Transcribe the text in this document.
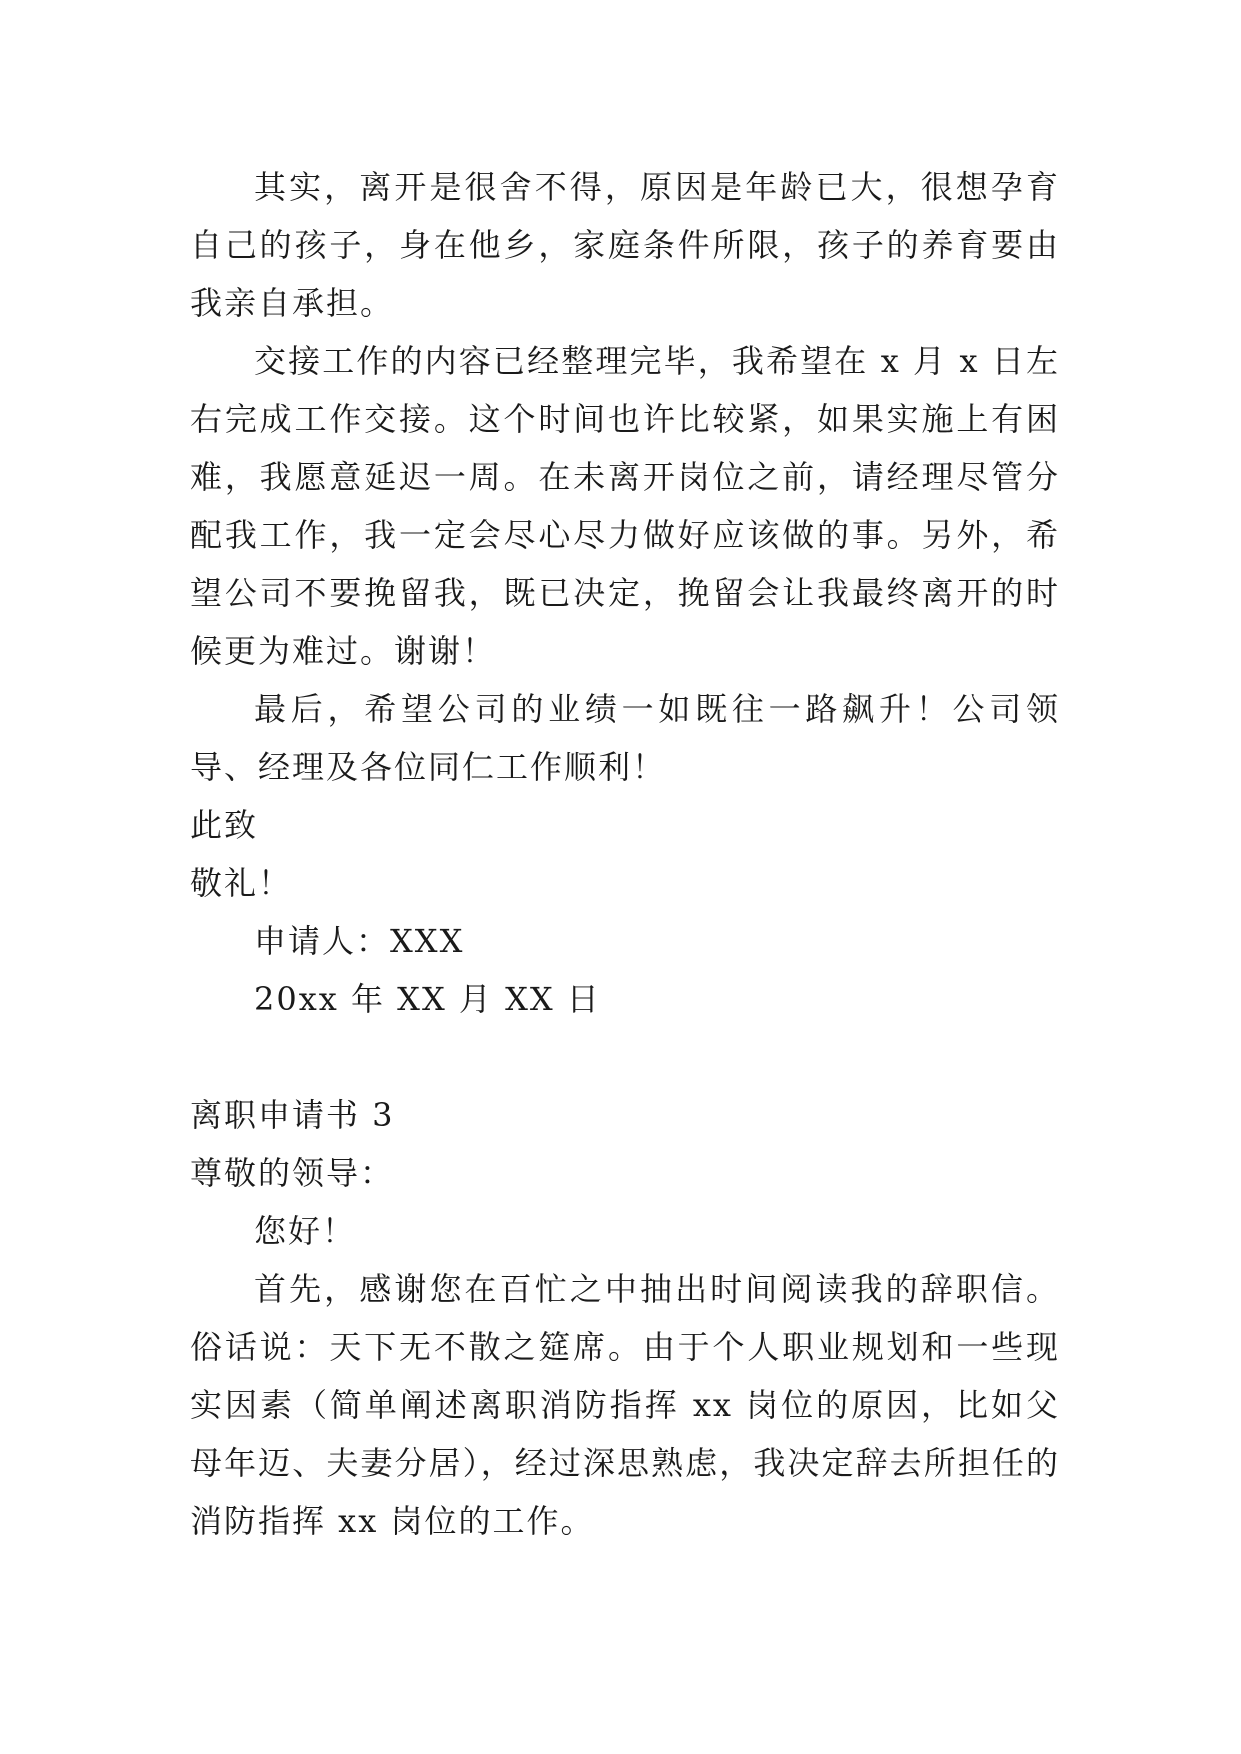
其实，离开是很舍不得，原因是年龄已大，很想孕育自己的孩子，身在他乡，家庭条件所限，孩子的养育要由我亲自承担。

交接工作的内容已经整理完毕，我希望在 x 月 x 日左右完成工作交接。这个时间也许比较紧，如果实施上有困难，我愿意延迟一周。在未离开岗位之前，请经理尽管分配我工作，我一定会尽心尽力做好应该做的事。另外，希望公司不要挽留我，既已决定，挽留会让我最终离开的时候更为难过。谢谢！

最后，希望公司的业绩一如既往一路飙升！公司领导、经理及各位同仁工作顺利！

此致

敬礼！

申请人：XXX

20xx 年 XX 月 XX 日

离职申请书 3

尊敬的领导：

您好！

首先，感谢您在百忙之中抽出时间阅读我的辞职信。俗话说：天下无不散之筵席。由于个人职业规划和一些现实因素（简单阐述离职消防指挥 xx 岗位的原因，比如父母年迈、夫妻分居），经过深思熟虑，我决定辞去所担任的消防指挥 xx 岗位的工作。
